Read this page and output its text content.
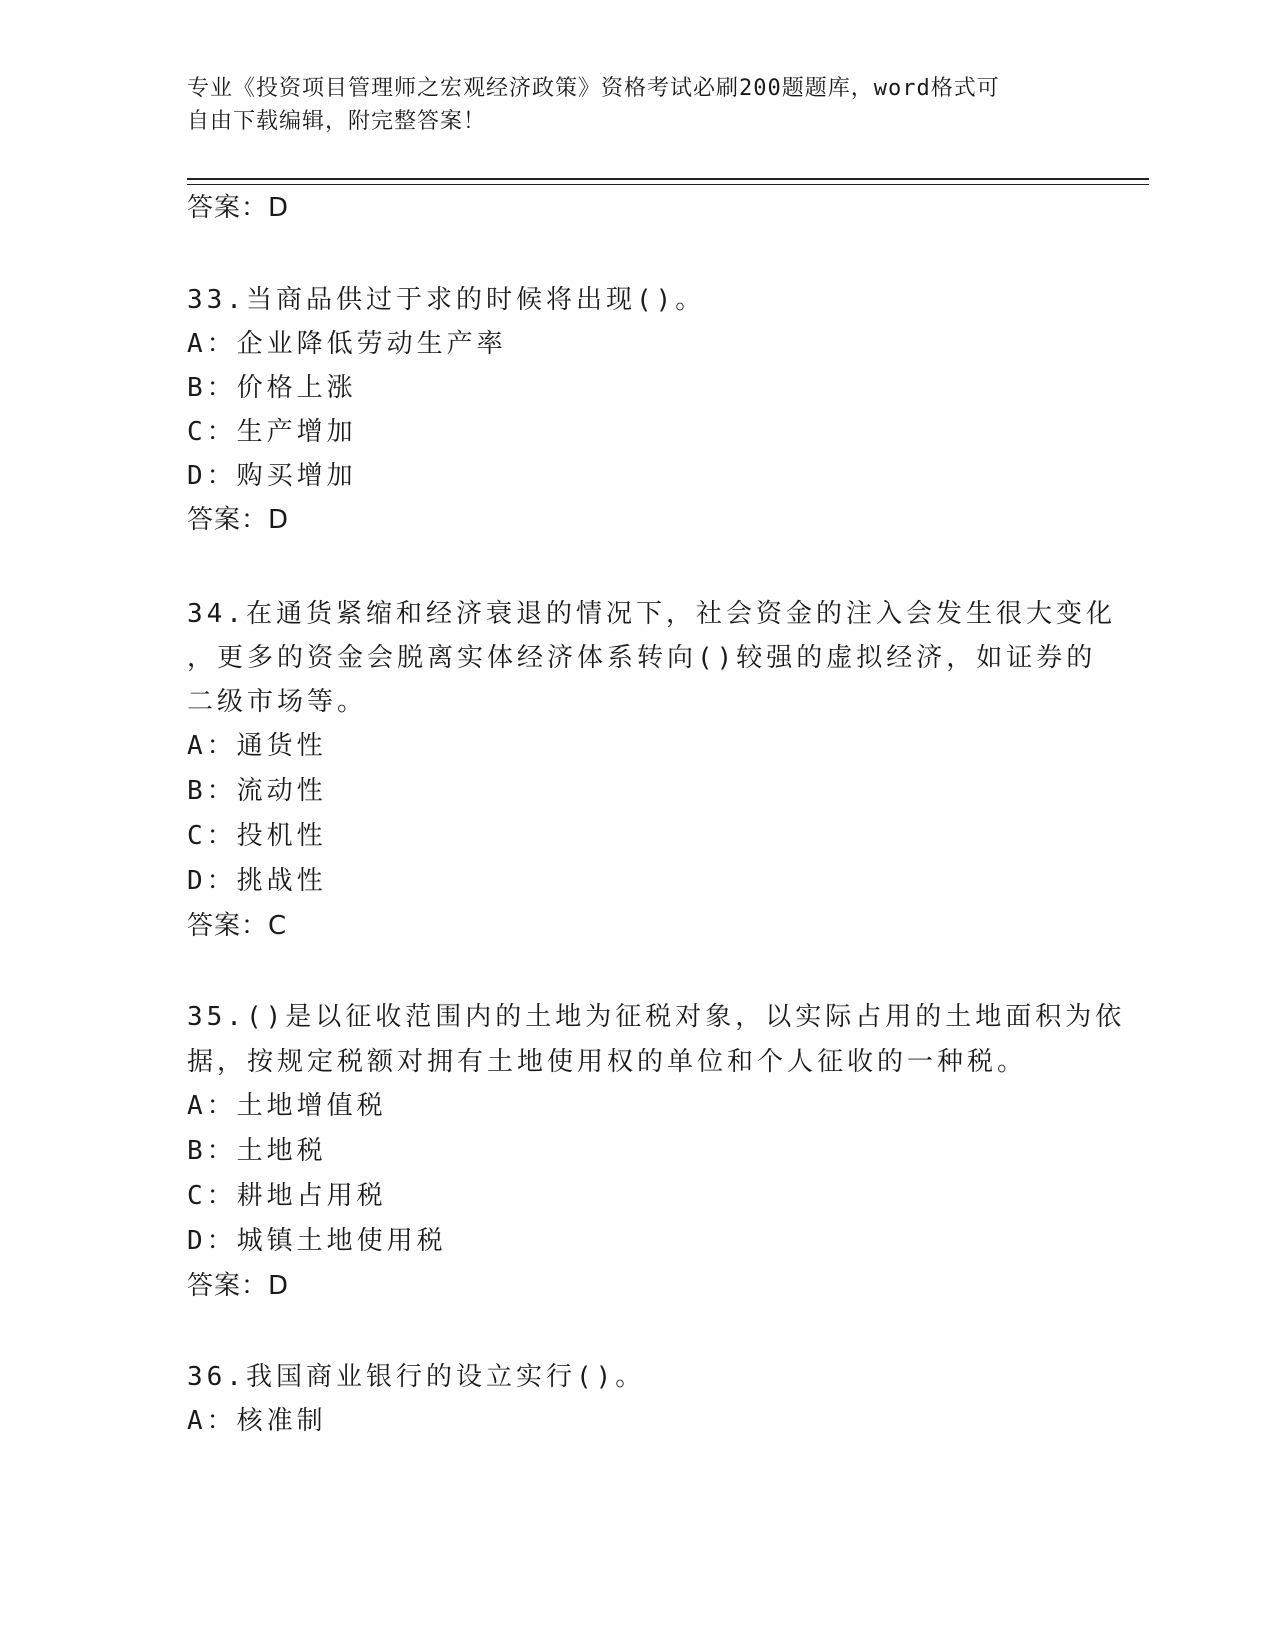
专业《投资项目管理师之宏观经济政策》资格考试必刷200题题库，word格式可
自由下载编辑，附完整答案！
答案：D
33.当商品供过于求的时候将出现()。
A：企业降低劳动生产率
B：价格上涨
C：生产增加
D：购买增加
答案：D
34.在通货紧缩和经济衰退的情况下，社会资金的注入会发生很大变化
，更多的资金会脱离实体经济体系转向()较强的虚拟经济，如证券的
二级市场等。
A：通货性
B：流动性
C：投机性
D：挑战性
答案：C
35.()是以征收范围内的土地为征税对象，以实际占用的土地面积为依
据，按规定税额对拥有土地使用权的单位和个人征收的一种税。
A：土地增值税
B：土地税
C：耕地占用税
D：城镇土地使用税
答案：D
36.我国商业银行的设立实行()。
A：核准制
